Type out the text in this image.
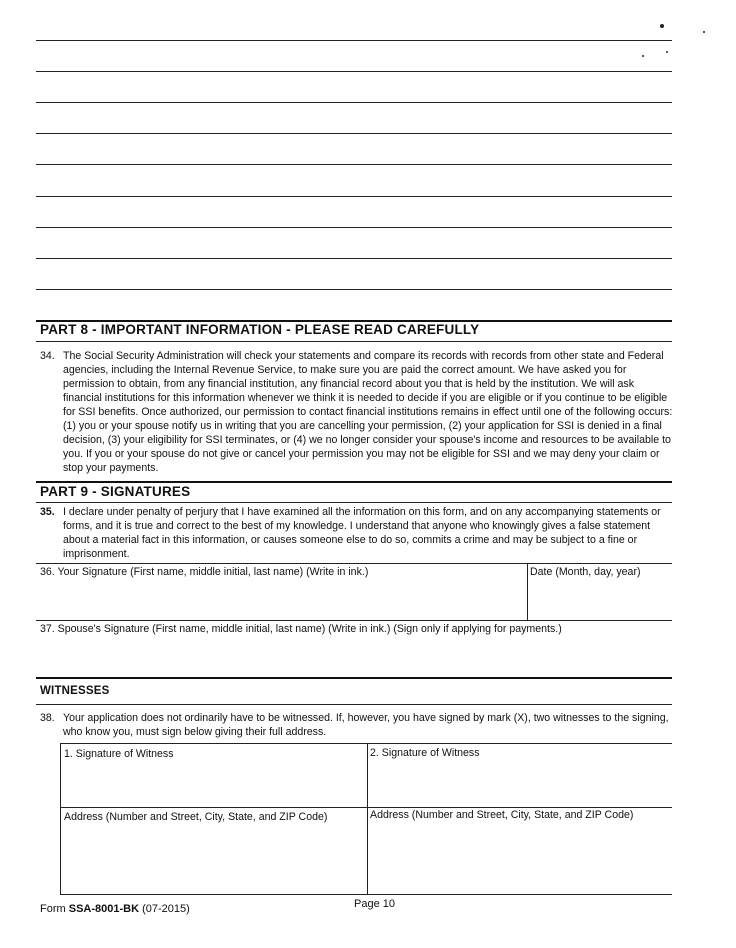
PART 8 - IMPORTANT INFORMATION - PLEASE READ CAREFULLY
34. The Social Security Administration will check your statements and compare its records with records from other state and Federal agencies, including the Internal Revenue Service, to make sure you are paid the correct amount. We have asked you for permission to obtain, from any financial institution, any financial record about you that is held by the institution. We will ask financial institutions for this information whenever we think it is needed to decide if you are eligible or if you continue to be eligible for SSI benefits. Once authorized, our permission to contact financial institutions remains in effect until one of the following occurs: (1) you or your spouse notify us in writing that you are cancelling your permission, (2) your application for SSI is denied in a final decision, (3) your eligibility for SSI terminates, or (4) we no longer consider your spouse's income and resources to be available to you. If you or your spouse do not give or cancel your permission you may not be eligible for SSI and we may deny your claim or stop your payments.
PART 9 - SIGNATURES
35. I declare under penalty of perjury that I have examined all the information on this form, and on any accompanying statements or forms, and it is true and correct to the best of my knowledge. I understand that anyone who knowingly gives a false statement about a material fact in this information, or causes someone else to do so, commits a crime and may be subject to a fine or imprisonment.
36. Your Signature (First name, middle initial, last name) (Write in ink.)	Date (Month, day, year)
37. Spouse's Signature (First name, middle initial, last name) (Write in ink.) (Sign only if applying for payments.)
WITNESSES
38. Your application does not ordinarily have to be witnessed. If, however, you have signed by mark (X), two witnesses to the signing, who know you, must sign below giving their full address.
1. Signature of Witness	2. Signature of Witness
Address (Number and Street, City, State, and ZIP Code)	Address (Number and Street, City, State, and ZIP Code)
Form SSA-8001-BK (07-2015)	Page 10
